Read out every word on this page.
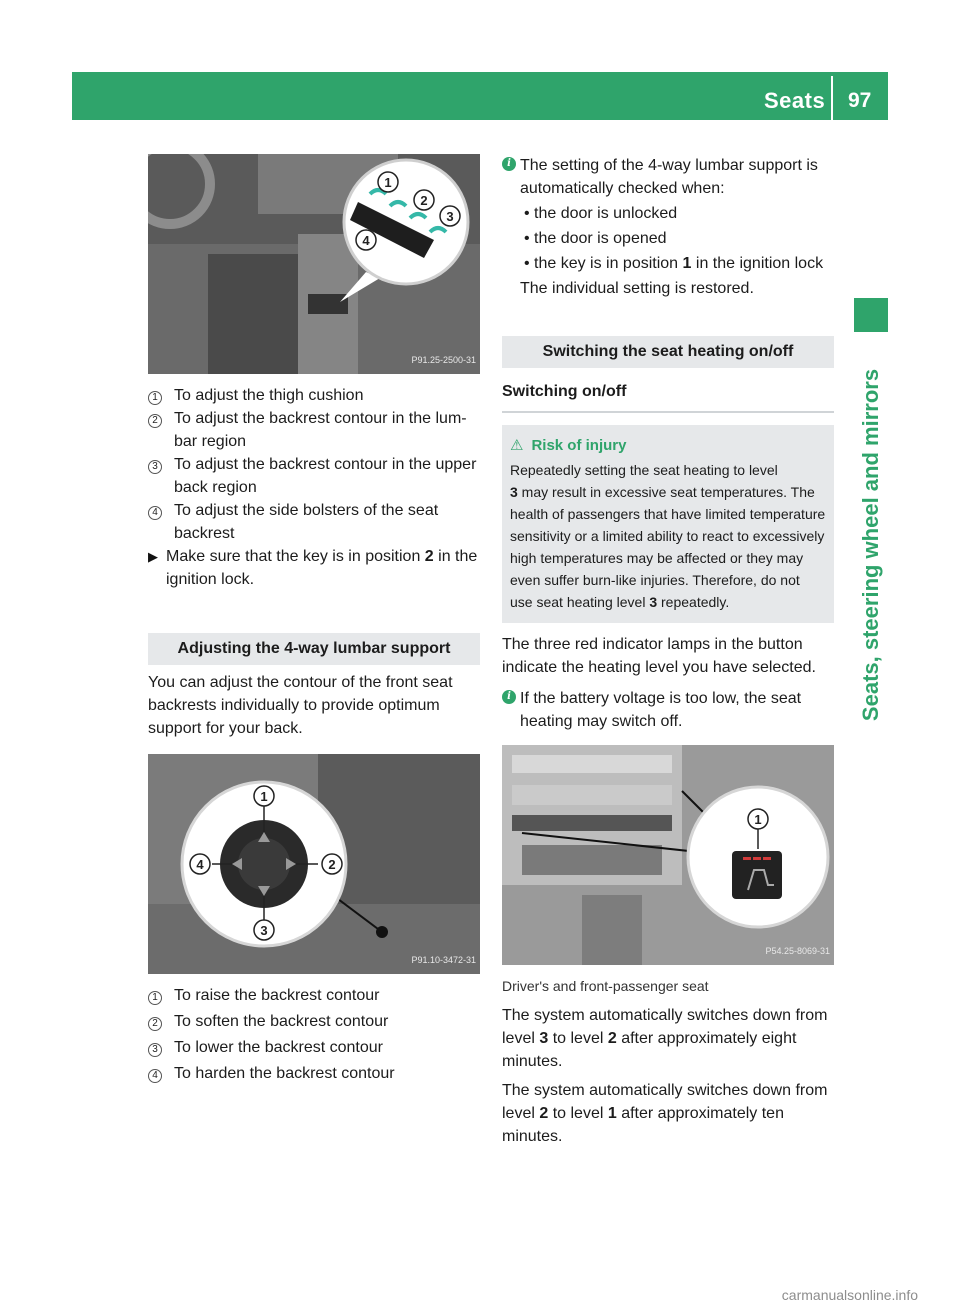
Seats 97
Seats, steering wheel and mirrors
1
2
3
4
P91.25-2500-31
1	To adjust the thigh cushion
2	To adjust the backrest contour in the lum-bar region
3	To adjust the backrest contour in the upper back region
4	To adjust the side bolsters of the seat backrest
▶ Make sure that the key is in position 2 in the ignition lock.
Adjusting the 4-way lumbar support
You can adjust the contour of the front seat backrests individually to provide optimum support for your back.
1
2
3
4
P91.10-3472-31
1	To raise the backrest contour
2	To soften the backrest contour
3	To lower the backrest contour
4	To harden the backrest contour
i The setting of the 4-way lumbar support is automatically checked when:
• the door is unlocked
• the door is opened
• the key is in position 1 in the ignition lock
The individual setting is restored.
Switching the seat heating on/off
Switching on/off
⚠ Risk of injury
Repeatedly setting the seat heating to level
3 may result in excessive seat temperatures. The health of passengers that have limited temperature sensitivity or a limited ability to react to excessively high temperatures may be affected or they may even suffer burn-like injuries. Therefore, do not use seat heating level 3 repeatedly.
The three red indicator lamps in the button indicate the heating level you have selected.
i If the battery voltage is too low, the seat heating may switch off.
1
P54.25-8069-31
Driver's and front-passenger seat
The system automatically switches down from level 3 to level 2 after approximately eight minutes.
The system automatically switches down from level 2 to level 1 after approximately ten minutes.
carmanualsonline.info
